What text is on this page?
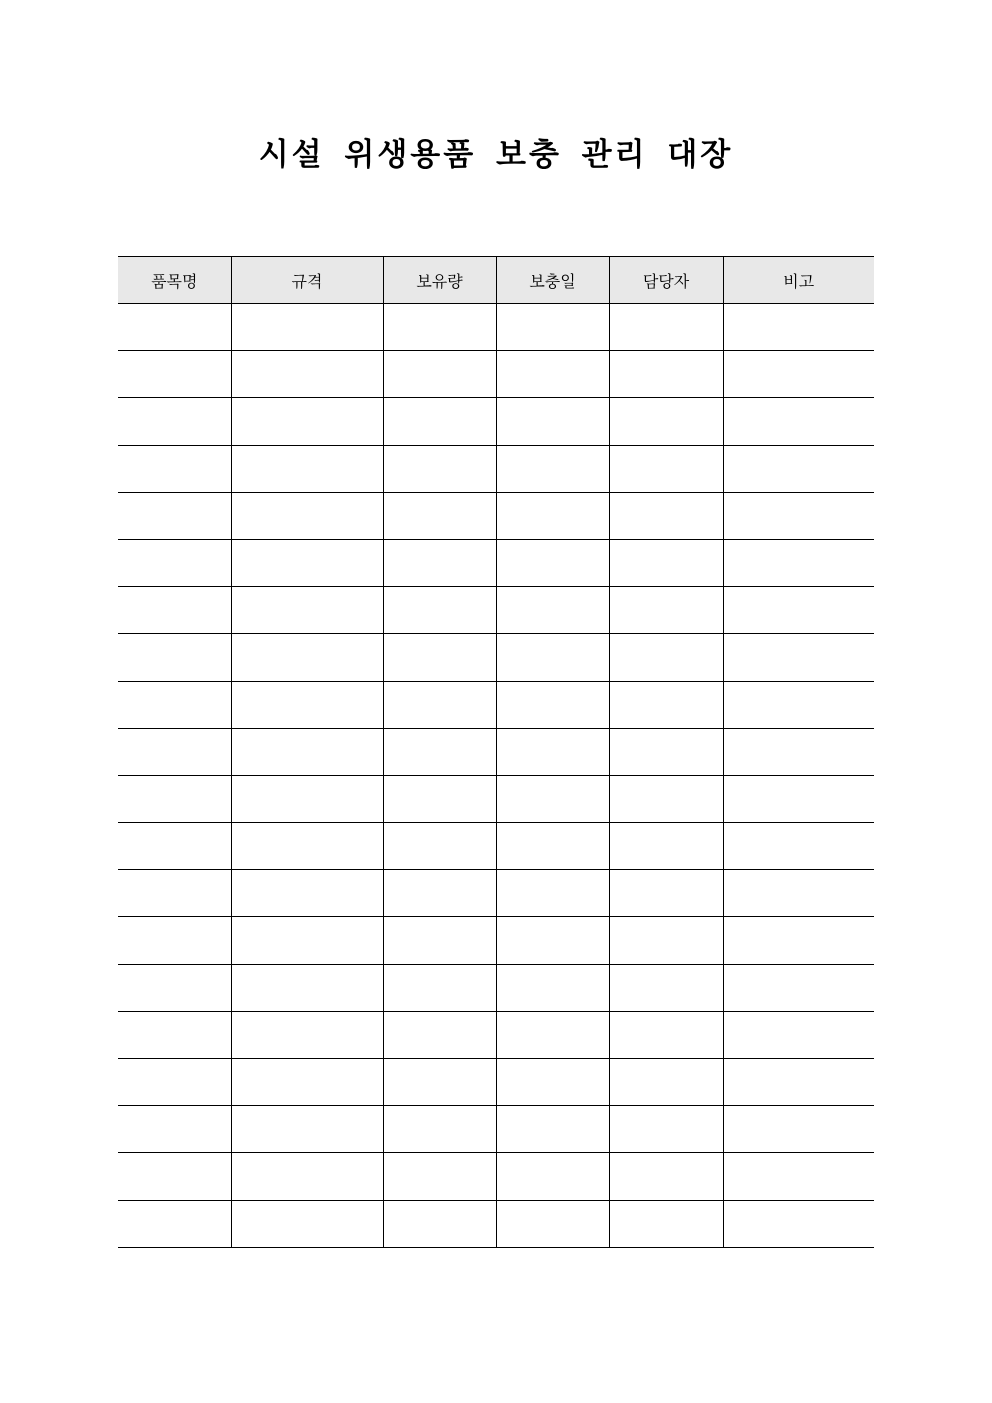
시설 위생용품 보충 관리 대장
품목명	규격	보유량	보충일	담당자	비고
